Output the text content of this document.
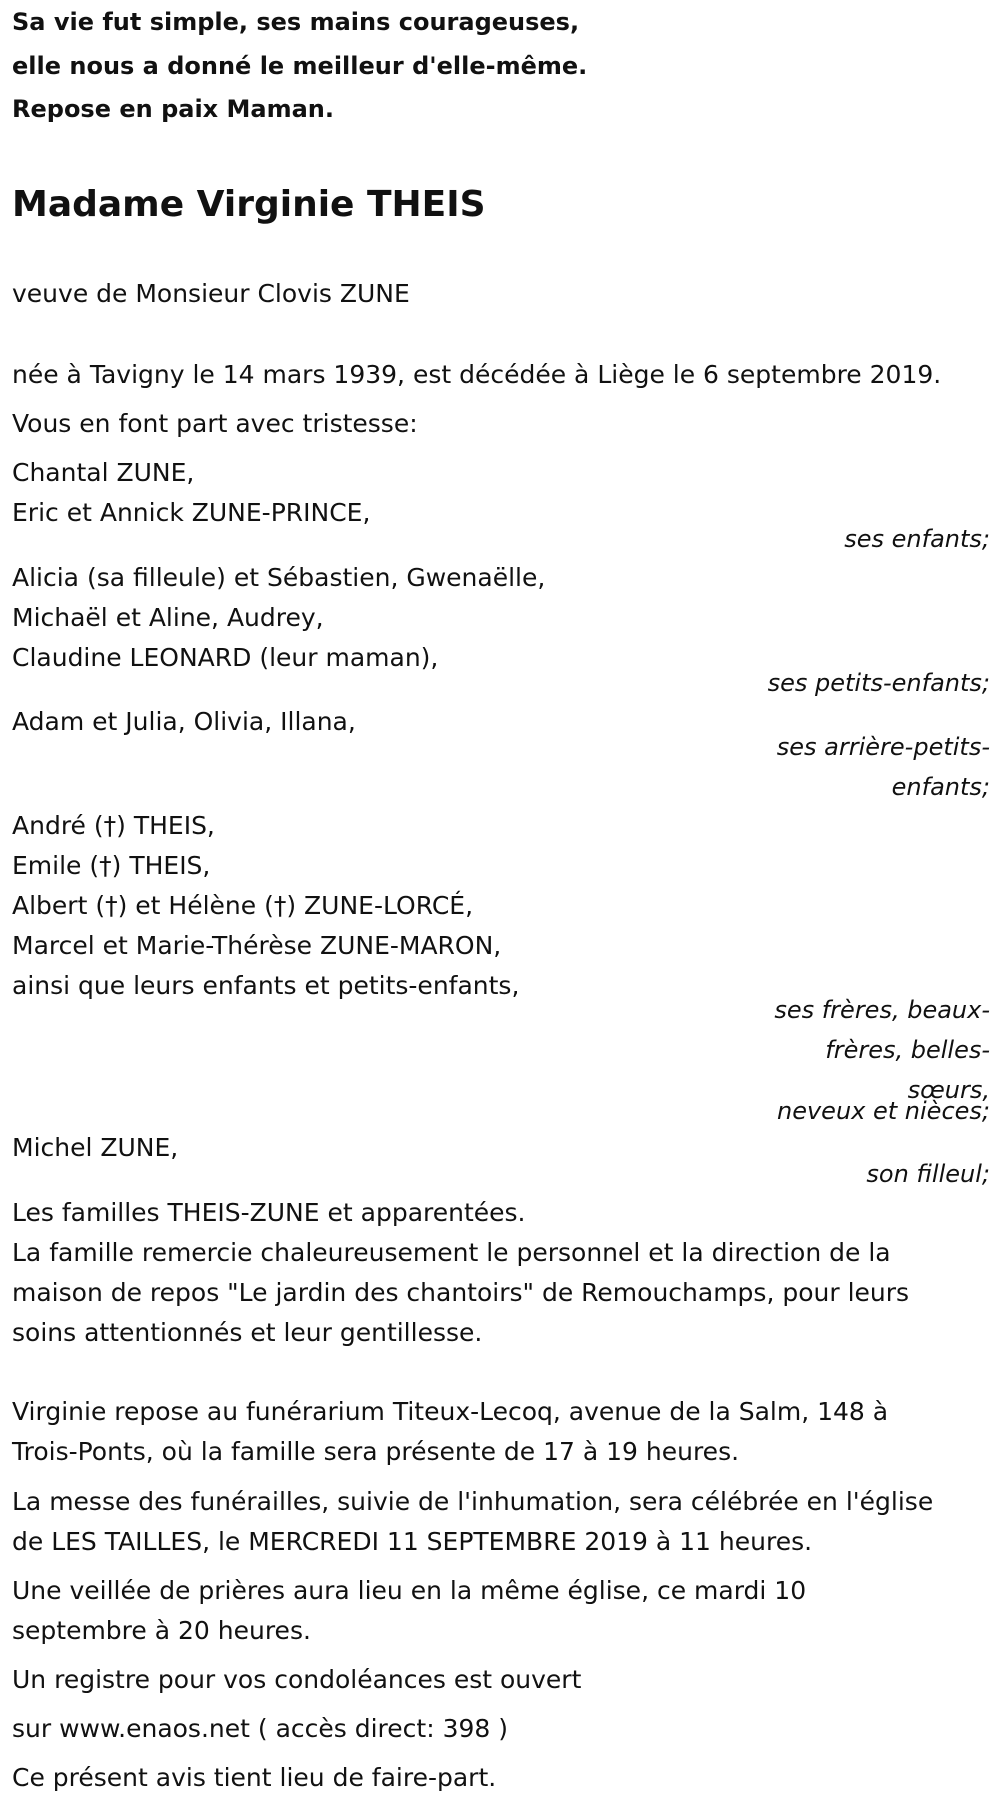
Sa vie fut simple, ses mains courageuses,

elle nous a donné le meilleur d'elle-même.

Repose en paix Maman.

Madame Virginie THEIS

veuve de Monsieur Clovis ZUNE

née à Tavigny le 14 mars 1939, est décédée à Liège le 6 septembre 2019.

Vous en font part avec tristesse:

Chantal ZUNE,

Eric et Annick ZUNE-PRINCE,

ses enfants;

Alicia (sa filleule) et Sébastien, Gwenaëlle,

Michaël et Aline, Audrey,

Claudine LEONARD (leur maman),

ses petits-enfants;

Adam et Julia, Olivia, Illana,

ses arrière-petits-

enfants;

André (†) THEIS,

Emile (†) THEIS,

Albert (†) et Hélène (†) ZUNE-LORCÉ,

Marcel et Marie-Thérèse ZUNE-MARON,

ainsi que leurs enfants et petits-enfants,

ses frères, beaux-

frères, belles-

sœurs,

neveux et nièces;

Michel ZUNE,

son filleul;

Les familles THEIS-ZUNE et apparentées.

La famille remercie chaleureusement le personnel et la direction de la

maison de repos "Le jardin des chantoirs" de Remouchamps, pour leurs

soins attentionnés et leur gentillesse.

Virginie repose au funérarium Titeux-Lecoq, avenue de la Salm, 148 à

Trois-Ponts, où la famille sera présente de 17 à 19 heures.

La messe des funérailles, suivie de l'inhumation, sera célébrée en l'église

de LES TAILLES, le MERCREDI 11 SEPTEMBRE 2019 à 11 heures.

Une veillée de prières aura lieu en la même église, ce mardi 10

septembre à 20 heures.

Un registre pour vos condoléances est ouvert

sur www.enaos.net ( accès direct: 398 )

Ce présent avis tient lieu de faire-part.
